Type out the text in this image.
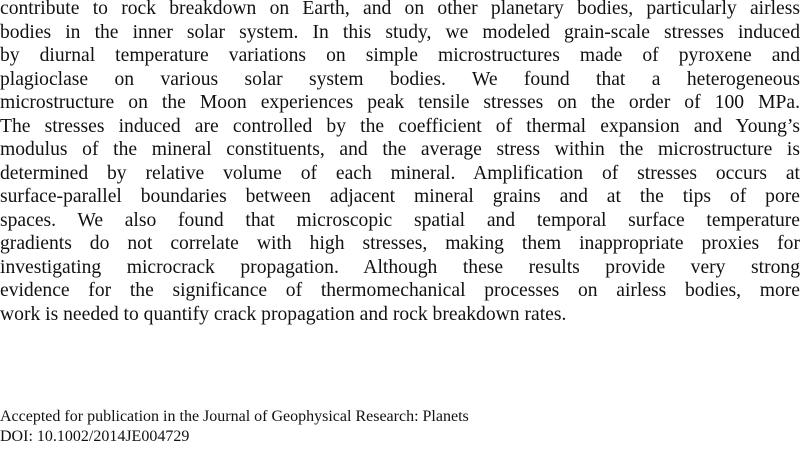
contribute to rock breakdown on Earth, and on other planetary bodies, particularly airless
bodies in the inner solar system. In this study, we modeled grain-scale stresses induced
by diurnal temperature variations on simple microstructures made of pyroxene and
plagioclase on various solar system bodies. We found that a heterogeneous
microstructure on the Moon experiences peak tensile stresses on the order of 100 MPa.
The stresses induced are controlled by the coefficient of thermal expansion and Young’s
modulus of the mineral constituents, and the average stress within the microstructure is
determined by relative volume of each mineral. Amplification of stresses occurs at
surface-parallel boundaries between adjacent mineral grains and at the tips of pore
spaces. We also found that microscopic spatial and temporal surface temperature
gradients do not correlate with high stresses, making them inappropriate proxies for
investigating microcrack propagation. Although these results provide very strong
evidence for the significance of thermomechanical processes on airless bodies, more
work is needed to quantify crack propagation and rock breakdown rates.
Accepted for publication in the Journal of Geophysical Research: Planets
DOI: 10.1002/2014JE004729
